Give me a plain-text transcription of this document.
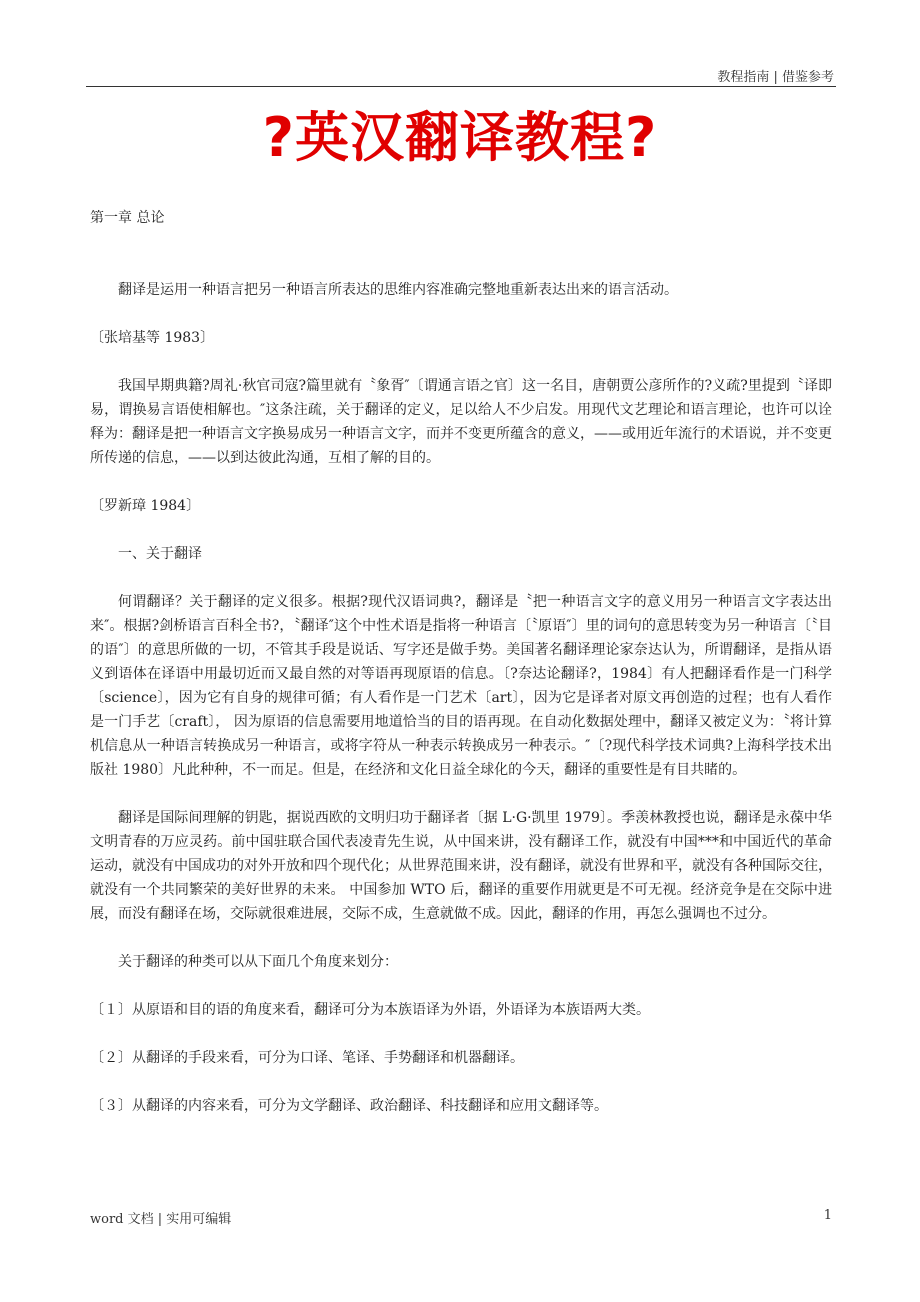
教程指南 | 借鉴参考
?英汉翻译教程?

第一章 总论

翻译是运用一种语言把另一种语言所表达的思维内容准确完整地重新表达出来的语言活动。

〔张培基等 1983〕

我国早期典籍?周礼·秋官司寇?篇里就有〝象胥″〔谓通言语之官〕这一名目，唐朝贾公彦所作的?义疏?里提到〝译即易，谓换易言语使相解也。″这条注疏，关于翻译的定义，足以给人不少启发。用现代文艺理论和语言理论，也许可以诠释为：翻译是把一种语言文字换易成另一种语言文字，而并不变更所蕴含的意义，——或用近年流行的术语说，并不变更所传递的信息，——以到达彼此沟通，互相了解的目的。

〔罗新璋 1984〕

一、关于翻译

何谓翻译？关于翻译的定义很多。根据?现代汉语词典?，翻译是〝把一种语言文字的意义用另一种语言文字表达出来″。根据?剑桥语言百科全书?，〝翻译″这个中性术语是指将一种语言〔〝原语″〕里的词句的意思转变为另一种语言〔〝目的语″〕的意思所做的一切，不管其手段是说话、写字还是做手势。美国著名翻译理论家奈达认为，所谓翻译，是指从语义到语体在译语中用最切近而又最自然的对等语再现原语的信息。〔?奈达论翻译?，1984〕有人把翻译看作是一门科学 〔science〕，因为它有自身的规律可循；有人看作是一门艺术〔art〕，因为它是译者对原文再创造的过程；也有人看作是一门手艺〔craft〕， 因为原语的信息需要用地道恰当的目的语再现。在自动化数据处理中，翻译又被定义为：〝将计算机信息从一种语言转换成另一种语言，或将字符从一种表示转换成另一种表示。″〔?现代科学技术词典?上海科学技术出版社 1980〕凡此种种，不一而足。但是，在经济和文化日益全球化的今天，翻译的重要性是有目共睹的。

翻译是国际间理解的钥匙，据说西欧的文明归功于翻译者〔据 L·G·凯里 1979〕。季羡林教授也说，翻译是永葆中华文明青春的万应灵药。前中国驻联合国代表凌青先生说，从中国来讲，没有翻译工作，就没有中国***和中国近代的革命运动，就没有中国成功的对外开放和四个现代化；从世界范围来讲，没有翻译，就没有世界和平，就没有各种国际交往，就没有一个共同繁荣的美好世界的未来。 中国参加 WTO 后，翻译的重要作用就更是不可无视。经济竞争是在交际中进展，而没有翻译在场，交际就很难进展，交际不成，生意就做不成。因此，翻译的作用，再怎么强调也不过分。

关于翻译的种类可以从下面几个角度来划分：

〔１〕从原语和目的语的角度来看，翻译可分为本族语译为外语，外语译为本族语两大类。

〔２〕从翻译的手段来看，可分为口译、笔译、手势翻译和机器翻译。

〔３〕从翻译的内容来看，可分为文学翻译、政治翻译、科技翻译和应用文翻译等。

word 文档 | 实用可编辑	1
